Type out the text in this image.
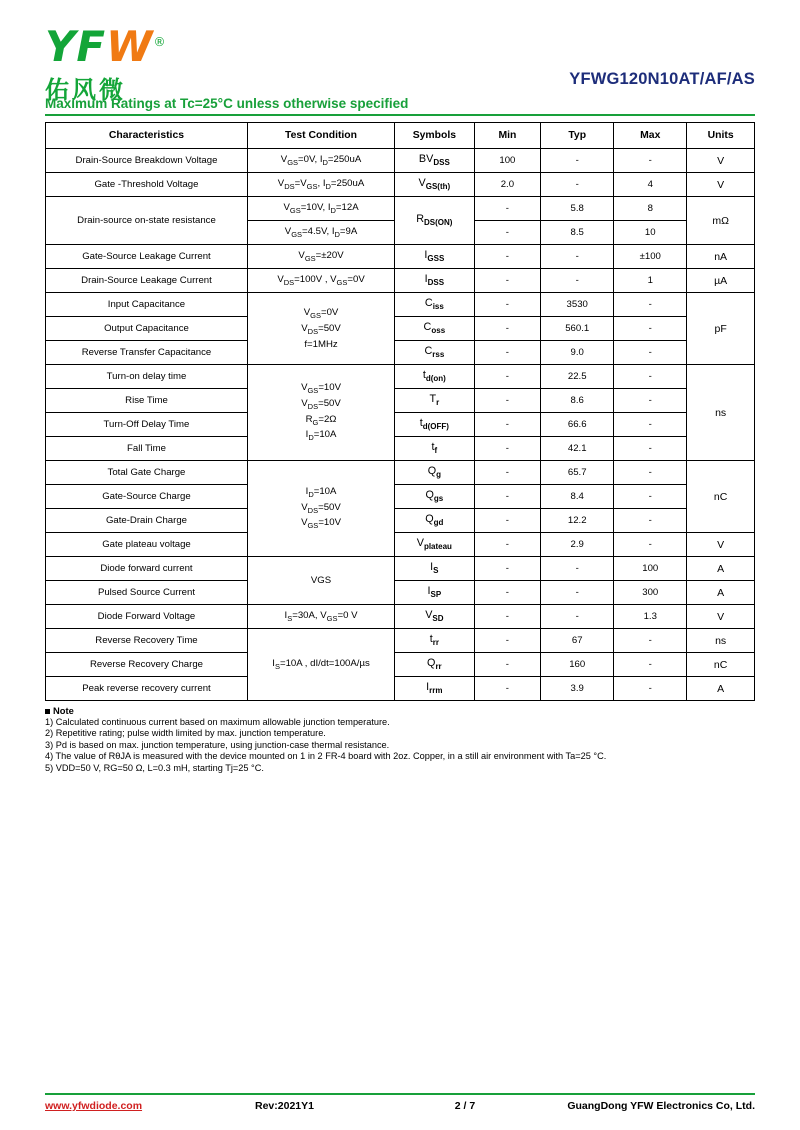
YFW®
佑风微	YFWG120N10AT/AF/AS
Maximum Ratings at Tc=25°C unless otherwise specified
Characteristics	Test Condition	Symbols	Min	Typ	Max	Units
Drain-Source Breakdown Voltage	$V_{GS}=0V$, $I_D=250uA$	$BV_{DSS}$	100	-	-	V
Gate -Threshold Voltage	$V_{DS}=V_{GS}$, $I_D=250uA$	$V_{GS(th)}$	2.0	-	4	V
Drain-source on-state resistance	$V_{GS}=10V$, $I_D=12A$	$R_{DS(ON)}$	-	5.8	8	mΩ
	$V_{GS}=4.5V$, $I_D=9A$		-	8.5	10	
Gate-Source Leakage Current	$V_{GS}=\pm 20V$	$I_{GSS}$	-	-	±100	nA
Drain-Source Leakage Current	$V_{DS}=100V$ , $V_{GS}=0V$	$I_{DSS}$	-	-	1	µA
Input Capacitance	$V_{GS}=0V$
$V_{DS}=50V$
f=1MHz	$C_{iss}$	-	3530	-	pF
Output Capacitance		$C_{oss}$	-	560.1	-	
Reverse Transfer Capacitance		$C_{rss}$	-	9.0	-	
Turn-on delay time	$V_{GS}=10V$
$V_{DS}=50V$
$R_G=2\Omega$
$I_D=10A$	$t_{d(on)}$	-	22.5	-	ns
Rise Time		$T_r$	-	8.6	-	
Turn-Off Delay Time		$t_{d(OFF)}$	-	66.6	-	
Fall Time		$t_f$	-	42.1	-	
Total Gate Charge	$I_D=10A$
$V_{DS}=50V$
$V_{GS}=10V$	$Q_g$	-	65.7	-	nC
Gate-Source Charge		$Q_{gs}$	-	8.4	-	
Gate-Drain Charge		$Q_{gd}$	-	12.2	-	
Gate plateau voltage		$V_{plateau}$	-	2.9	-	V
Diode forward current	VGS	$I_S$	-	-	100	A
Pulsed Source Current		$I_{SP}$	-	-	300	A
Diode Forward Voltage	$I_S=30A$, $V_{GS}=0$ V	$V_{SD}$	-	-	1.3	V
Reverse Recovery Time	$I_S=10A$ , dI/dt=100A/µs	$t_{rr}$	-	67	-	ns
Reverse Recovery Charge		$Q_{rr}$	-	160	-	nC
Peak reverse recovery current		$I_{rrm}$	-	3.9	-	A
Note
1) Calculated continuous current based on maximum allowable junction temperature.
2) Repetitive rating; pulse width limited by max. junction temperature.
3) Pd is based on max. junction temperature, using junction-case thermal resistance.
4) The value of RθJA is measured with the device mounted on 1 in 2 FR-4 board with 2oz. Copper, in a still air environment with Ta=25 °C.
5) VDD=50 V, RG=50 Ω, L=0.3 mH, starting Tj=25 °C.
www.yfwdiode.com	Rev:2021Y1	2 / 7	GuangDong YFW Electronics Co, Ltd.
